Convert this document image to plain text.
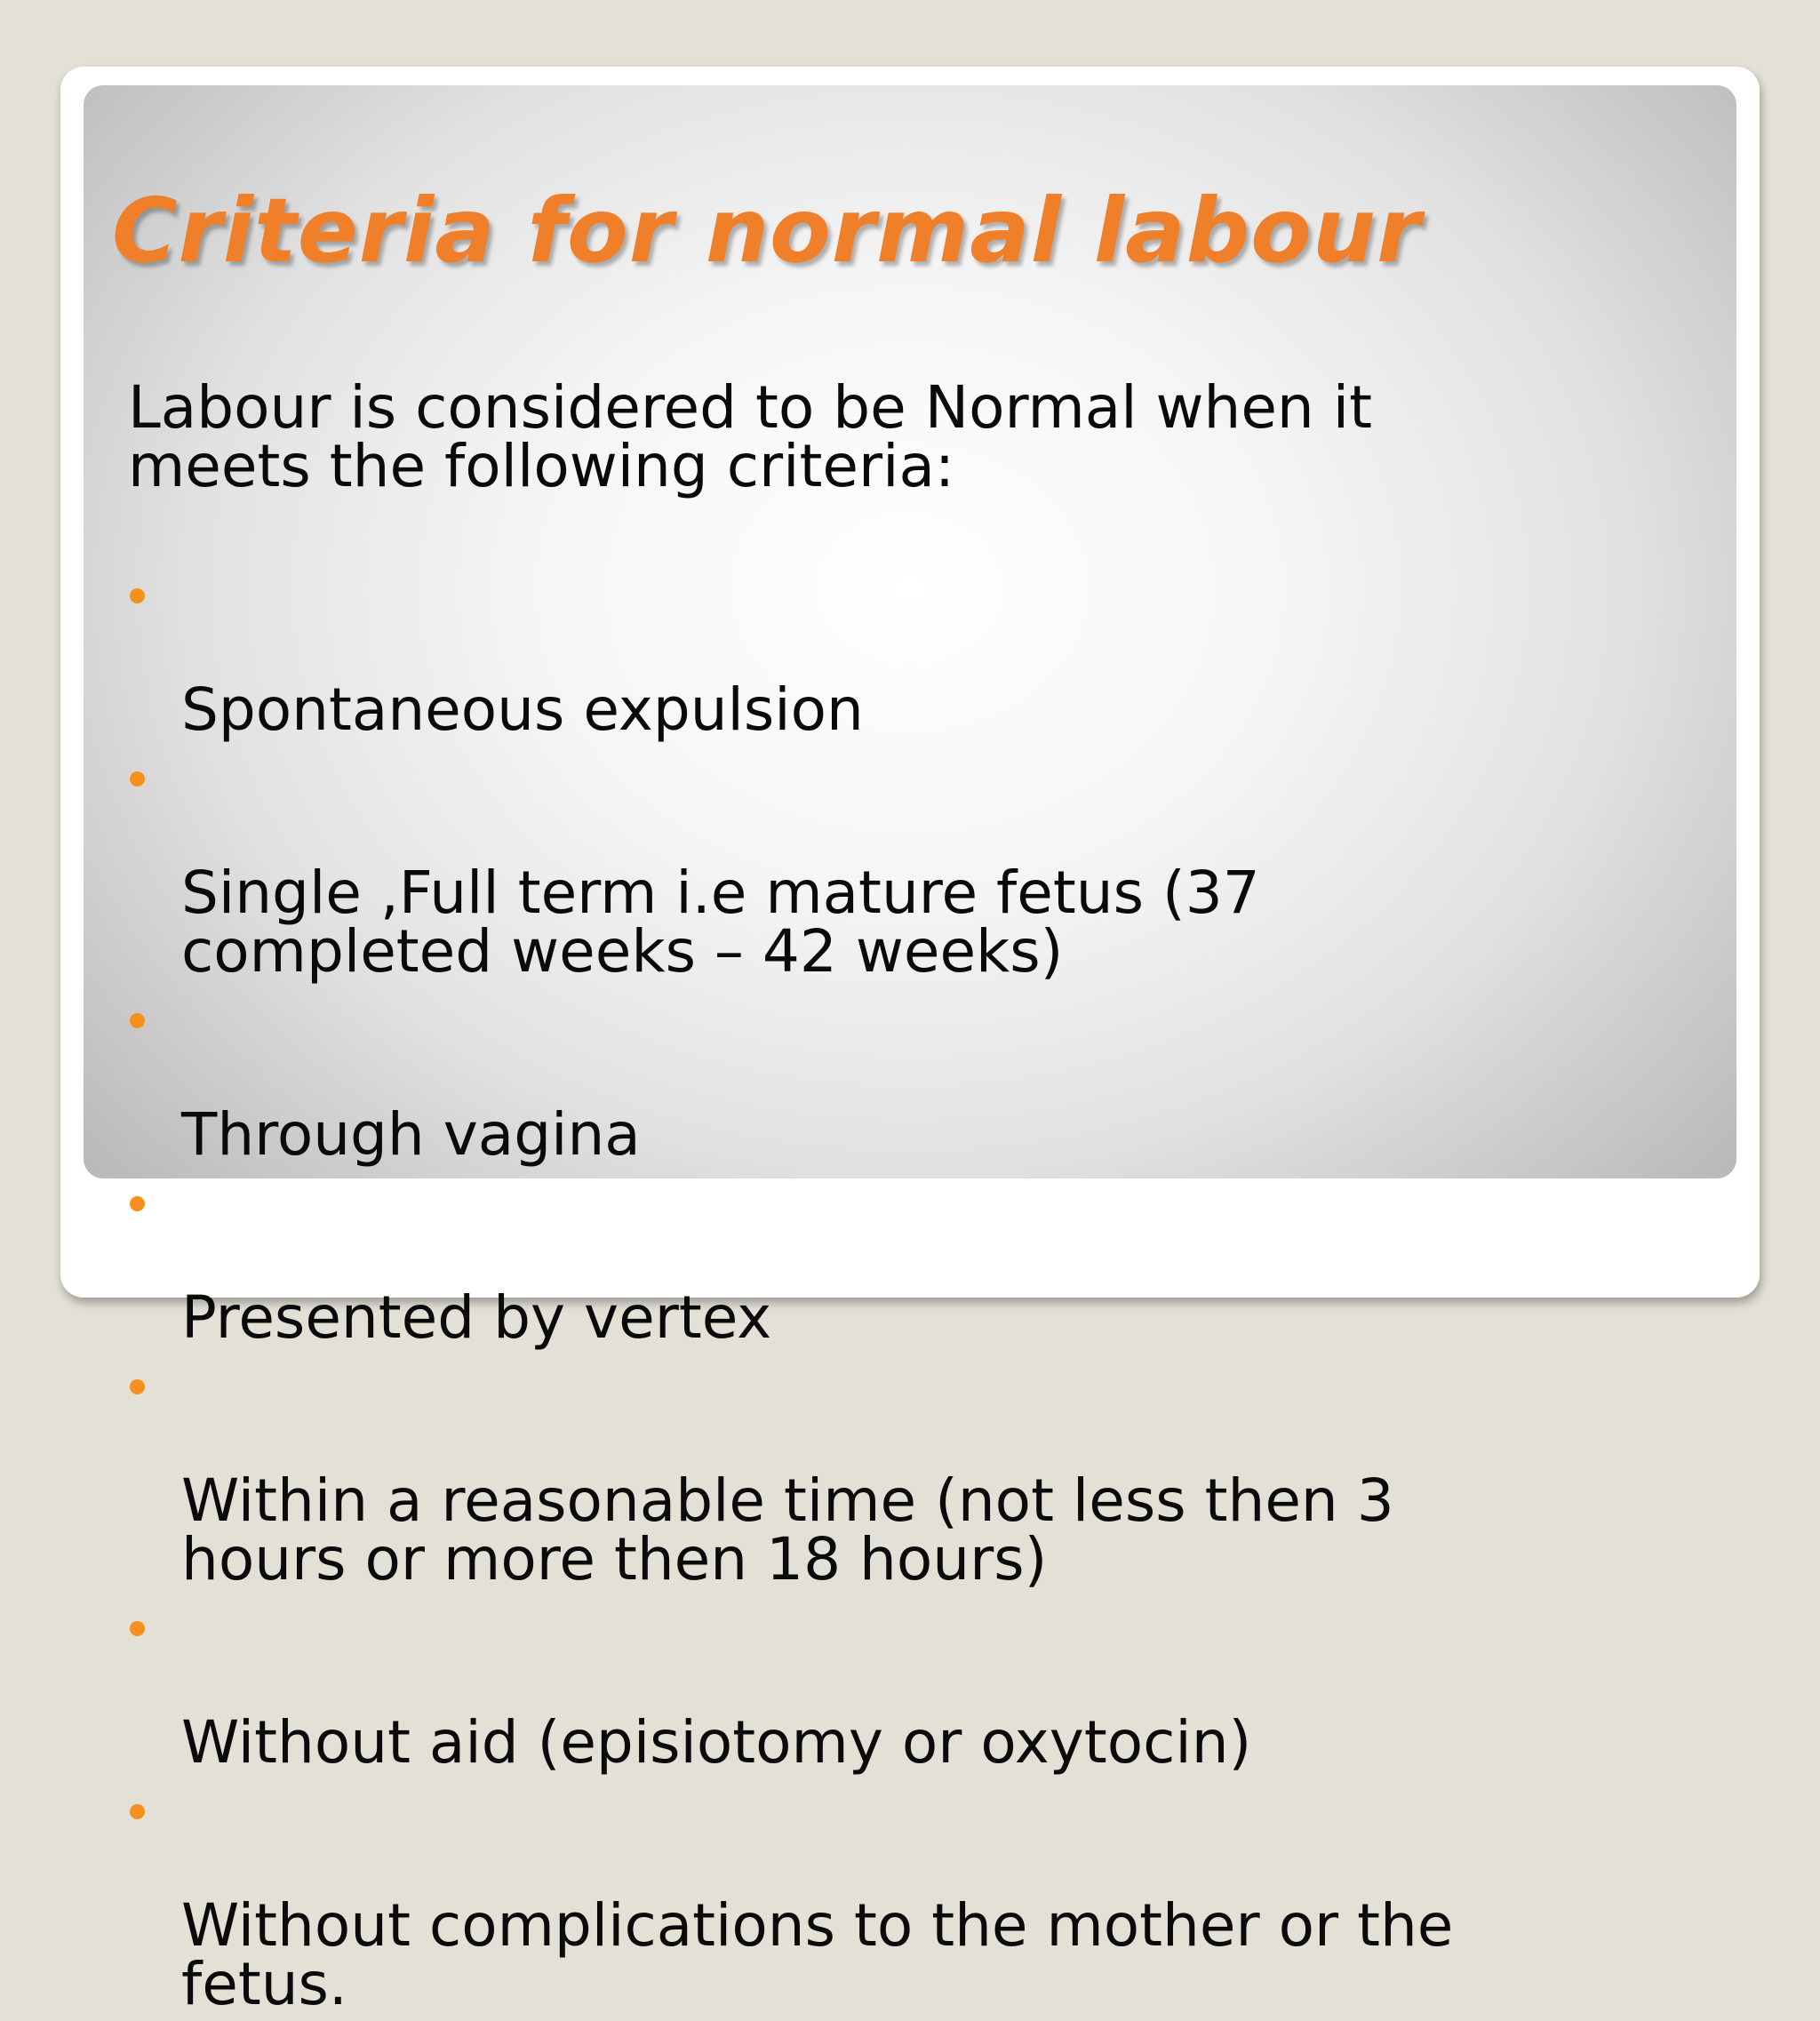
Criteria for normal labour

Labour is considered to be Normal when it
meets the following criteria:

Spontaneous expulsion

Single ,Full term i.e mature fetus (37
completed weeks – 42 weeks)

Through vagina

Presented by vertex

Within a reasonable time (not less then 3
hours or more then 18 hours)

Without aid (episiotomy or oxytocin)

Without complications to the mother or the
fetus.
